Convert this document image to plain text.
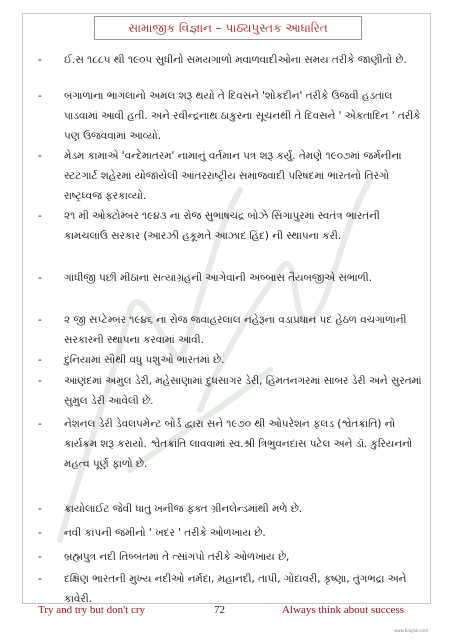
સામાજીક વિજ્ઞાન – પાઠ્યપુસ્તક આધારિત
-	ઈ.સ ૧૮૮૫ થી ૧૯૦૫ સુધીનો સમયગાળો મવાળવાદીઓના સમય તરીકે જાણીતો છે.
-	બંગાળાના ભાગલાનો અમલ શરૂ થયો તે દિવસને 'શોકદીન' તરીકે ઉજવી હડતાલ પાડવામાં આવી હતી. અને રવીન્દ્રનાથ ઠાકુરના સૂચનથી તે દિવસને ' એકતાદિન ' તરીકે પણ ઉજવવામાં આવ્યો.
-	મેડમ કામાએ 'વન્દેમાતરમ' નામાનું વર્તમાન પત્ર શરૂ કર્યું. તેમણે ૧૯૦૭માં જર્મનીના સ્ટટગાર્ટ શહેરમાં યોજાયેલી આંતરરાષ્ટ્રીય સમાજવાદી પરિષદમાં ભારતનો તિરંગો રાષ્ટ્રધ્વજ ફરકાવ્યો.
-	૨૧ મી ઓક્ટોમ્બર ૧૯૪૩ ના રોજ સુભાષચંદ્ર બોઝે સિંગાપુરમાં સ્વતંત્ર ભારતની કામચલાઉ સરકાર (આરઝી હકૂમતે આઝાદ હિંદ) ની સ્થાપના કરી.
-	ગાંધીજી પછી મીઠાના સત્યાગ્રહની આગેવાની અબ્બાસ તૈયબજીએ સંભાળી.
-	૨ જી સપ્ટેમ્બર ૧૯૪૬ ના રોજ જવાહરલાલ નહેરૂના વડાપ્રધાન પદ હેઠળ વચગાળાની સરકારની સ્થાપના કરવામાં આવી.
-	દુનિયામાં સૌથી વધુ પશુઓ ભારતમાં છે.
-	આણંદમાં અમુલ ડેરી, મહેસાણામાં દુધસાગર ડેરી, હિંમતનગરમાં સાબર ડેરી અને સુરતમાં સુમુલ ડેરી આવેલી છે.
-	નેશનલ ડેરી ડેવલપમેન્ટ બોર્ડ દ્વારા સને ૧૯૭૦ થી ઓપરેશન ફલડ (શ્વેતક્રાંતિ) નો કાર્યક્રમ શરૂ કરાયો. શ્વેતક્રાંતિ લાવવામાં સ્વ.શ્રી ત્રિભુવનદાસ પટેલ અને ડૉ. કુરિયનનો મહત્વ પૂર્ણ ફાળો છે.
-	ક્રાયોલાઈટ જેવી ધાતુ ખનીજ ફક્ત ગ્રીનલેન્ડમાંથી મળે છે.
-	નવી કાંપની જમીનો ' ખદર ' તરીકે ઓળખાય છે.
-	બ્રહ્મપુત્ર નદી તિબ્બતમાં તે ત્સાંગપો તરીકે ઓળખાય છે,
-	દક્ષિણ ભારતની મુખ્ય નદીઓ નર્મદા, મહાનદી, તાપી, ગોદાવરી, કૃષ્ણા, તુંગભદ્રા અને કાવેરી.
Try and try but don't cry	72	Always think about success
www.EduJob.com
